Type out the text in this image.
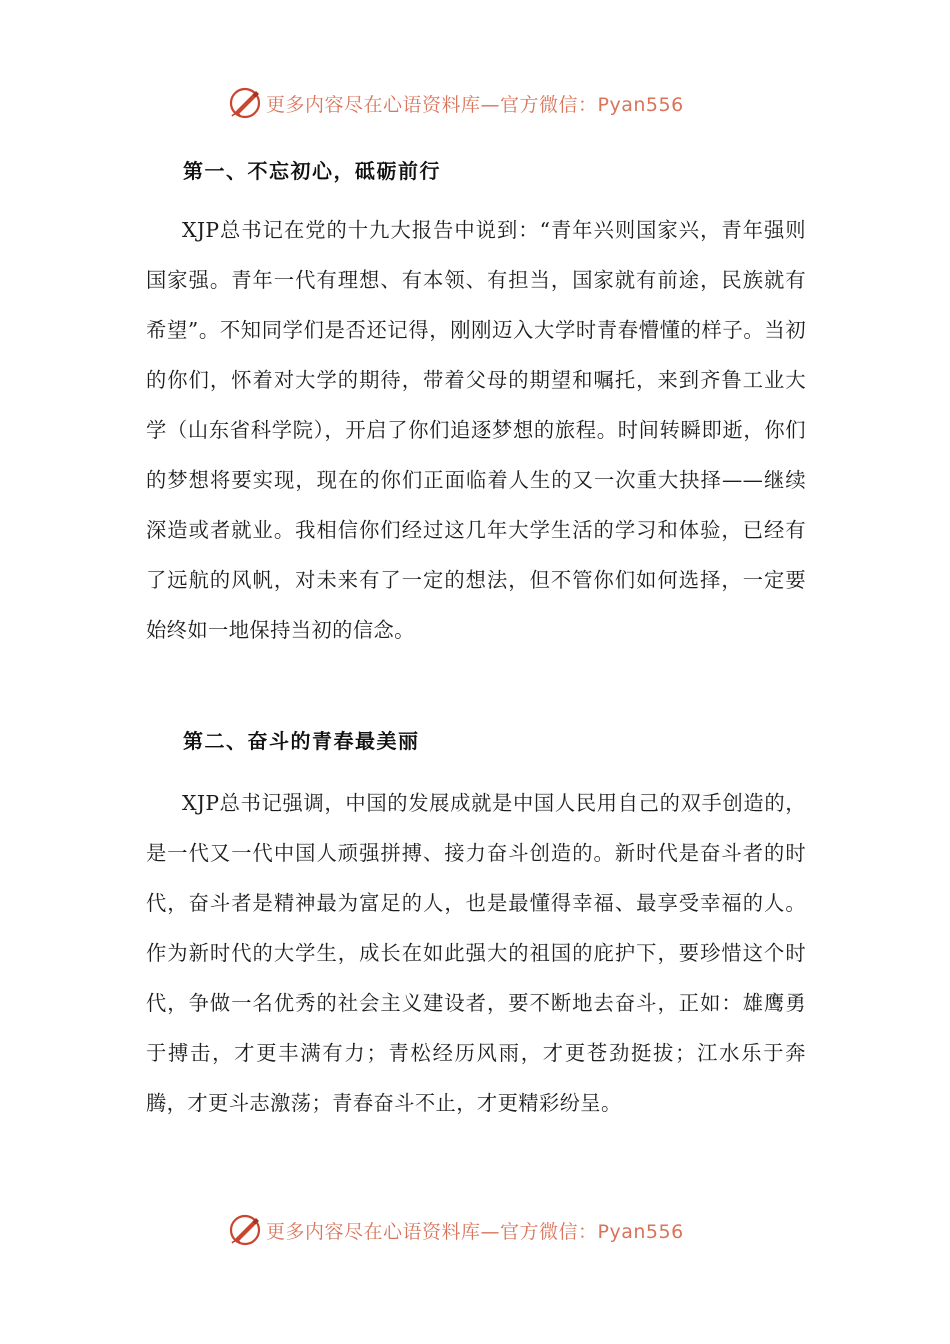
更多内容尽在心语资料库—官方微信：Pyan556
第一、不忘初心，砥砺前行

XJP总书记在党的十九大报告中说到：“青年兴则国家兴，青年强则国家强。青年一代有理想、有本领、有担当，国家就有前途，民族就有希望”。不知同学们是否还记得，刚刚迈入大学时青春懵懂的样子。当初的你们，怀着对大学的期待，带着父母的期望和嘱托，来到齐鲁工业大学（山东省科学院），开启了你们追逐梦想的旅程。时间转瞬即逝，你们的梦想将要实现，现在的你们正面临着人生的又一次重大抉择——继续深造或者就业。我相信你们经过这几年大学生活的学习和体验，已经有了远航的风帆，对未来有了一定的想法，但不管你们如何选择，一定要始终如一地保持当初的信念。

第二、奋斗的青春最美丽

XJP总书记强调，中国的发展成就是中国人民用自己的双手创造的，是一代又一代中国人顽强拼搏、接力奋斗创造的。新时代是奋斗者的时代，奋斗者是精神最为富足的人，也是最懂得幸福、最享受幸福的人。作为新时代的大学生，成长在如此强大的祖国的庇护下，要珍惜这个时代，争做一名优秀的社会主义建设者，要不断地去奋斗，正如：雄鹰勇于搏击，才更丰满有力；青松经历风雨，才更苍劲挺拔；江水乐于奔腾，才更斗志激荡；青春奋斗不止，才更精彩纷呈。

更多内容尽在心语资料库—官方微信：Pyan556
